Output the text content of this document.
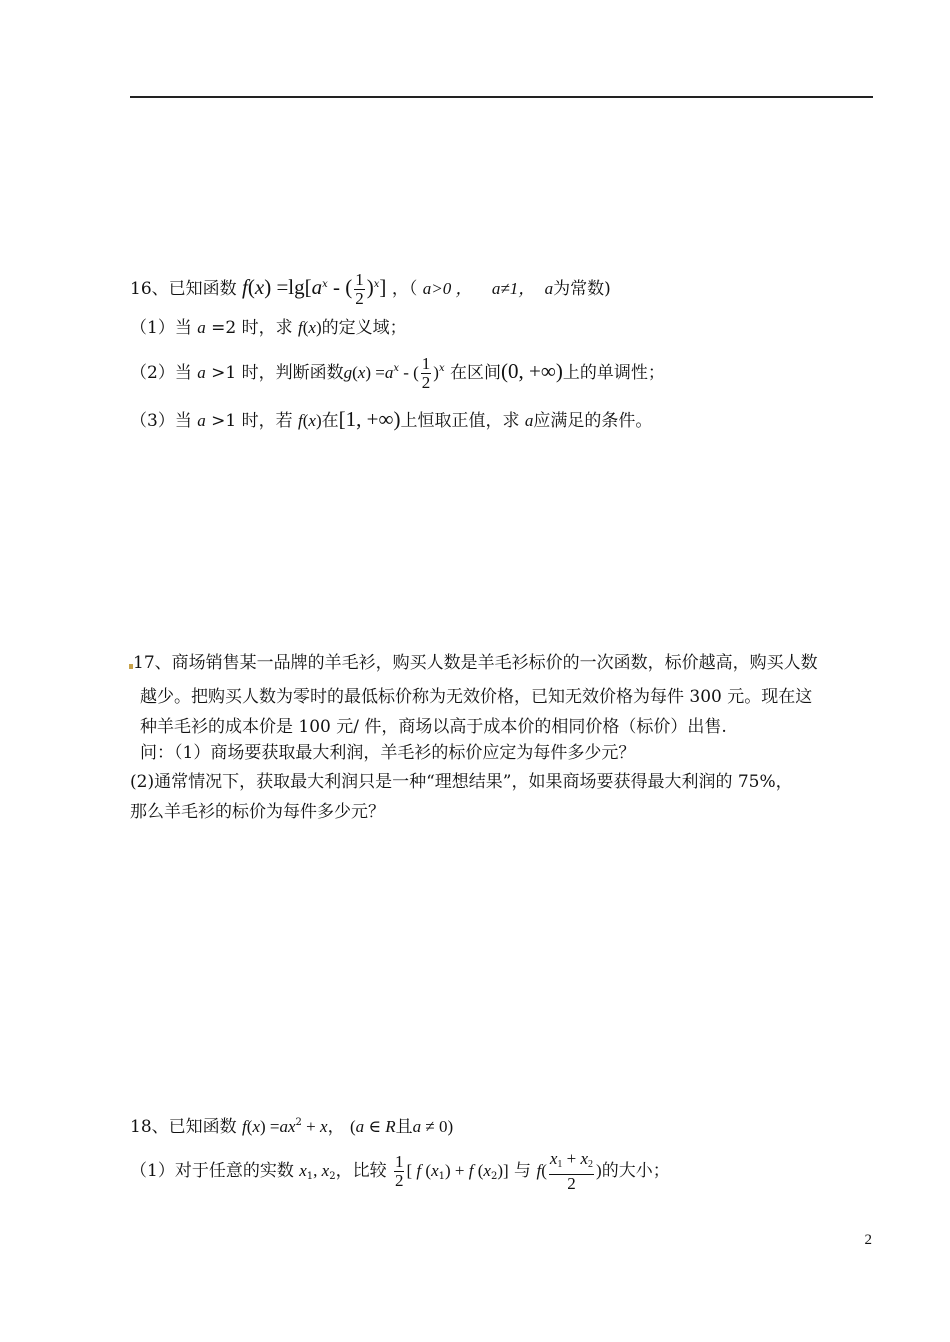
16、已知函数 $f(x) =\lg[a^x$ - ( $\frac{1}{2} )^x$] ，（ a>0 ， a≠1， a为常数)
（1）当 a =2 时，求 f(x)的定义域；
（2）当 a >1 时，判断函数$g(x) =a^x$ - ( $\frac{1}{2} )^x$ 在区间(0, +∞)上的单调性；
（3）当 a >1 时，若 f(x)在[1, +∞)上恒取正值，求 a应满足的条件。
17、商场销售某一品牌的羊毛衫，购买人数是羊毛衫标价的一次函数，标价越高，购买人数
越少。把购买人数为零时的最低标价称为无效价格，已知无效价格为每件 300 元。现在这
种羊毛衫的成本价是 100 元/ 件，商场以高于成本价的相同价格（标价）出售.
问：（1）商场要获取最大利润，羊毛衫的标价应定为每件多少元？
(2)通常情况下，获取最大利润只是一种“理想结果”，如果商场要获得最大利润的 75%，
那么羊毛衫的标价为每件多少元？
18、已知函数 $f(x) =ax^2 + x$， (a ∈ R且a ≠ 0)
（1）对于任意的实数 $x_1$, $x_2$，比较 $\frac{1}{2}$ [ f $(x_1) + f$ $(x_2)$] 与 $f( \frac{x_1 + x_2}{2}$ )的大小；
2
